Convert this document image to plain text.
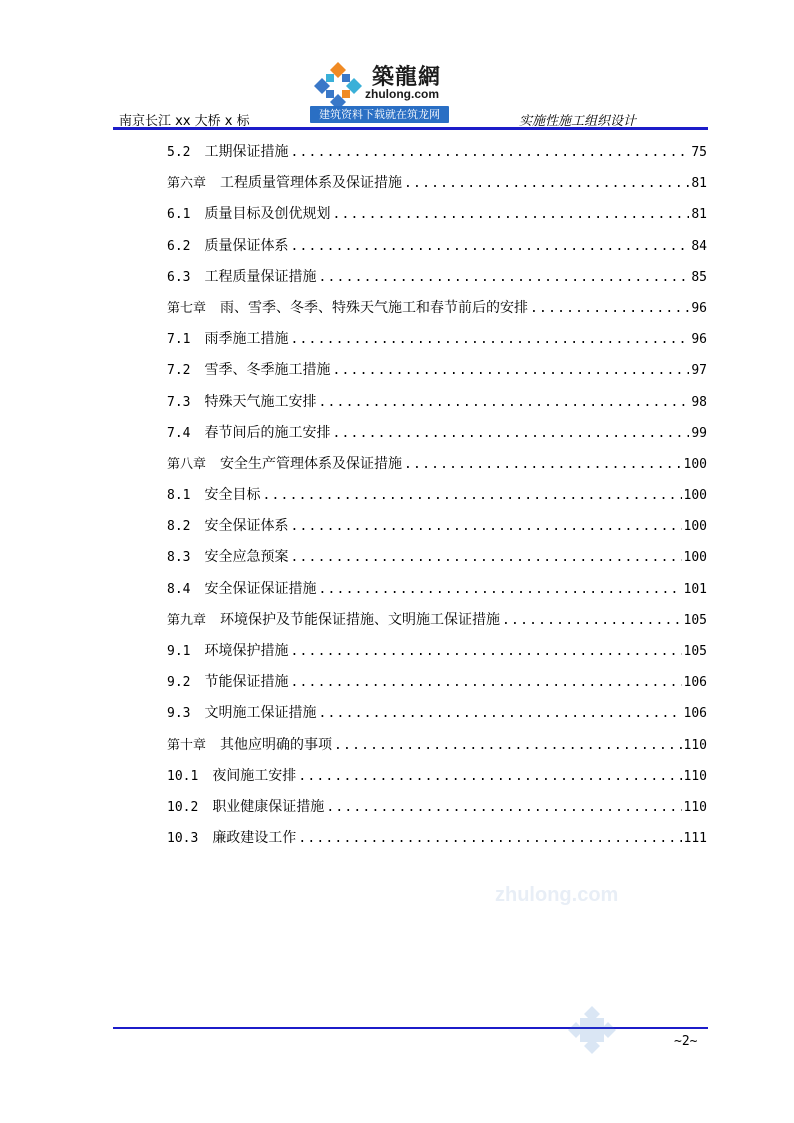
南京长江 xx 大桥 x 标	实施性施工组织设计
築龍網
zhulong.com
建筑资料下载就在筑龙网
5.2	工期保证措施 .....	75
第六章	工程质量管理体系及保证措施 .....	81
6.1	质量目标及创优规划 .....	81
6.2	质量保证体系 .....	84
6.3	工程质量保证措施 .....	85
第七章	雨、雪季、冬季、特殊天气施工和春节前后的安排 .....	96
7.1	雨季施工措施 .....	96
7.2	雪季、冬季施工措施 .....	97
7.3	特殊天气施工安排 .....	98
7.4	春节间后的施工安排 .....	99
第八章	安全生产管理体系及保证措施 .....	100
8.1	安全目标 .....	100
8.2	安全保证体系 .....	100
8.3	安全应急预案 .....	100
8.4	安全保证保证措施 .....	101
第九章	环境保护及节能保证措施、文明施工保证措施 .....	105
9.1	环境保护措施 .....	105
9.2	节能保证措施 .....	106
9.3	文明施工保证措施 .....	106
第十章	其他应明确的事项 .....	110
10.1	夜间施工安排 .....	110
10.2	职业健康保证措施 .....	110
10.3	廉政建设工作 .....	111
zhulong.com
~2~
